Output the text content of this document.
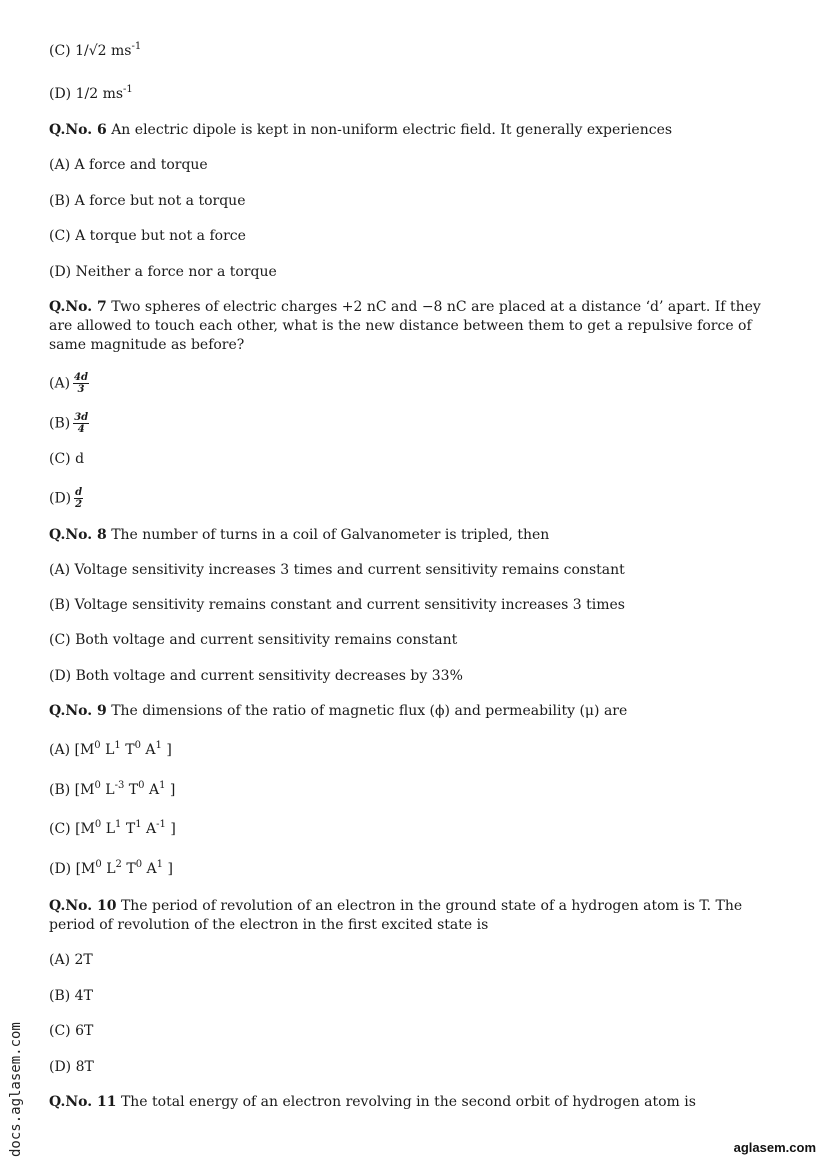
(C) 1/√2 $ms^{-1}$

(D) 1/2 $ms^{-1}$

Q.No. 6 An electric dipole is kept in non-uniform electric field. It generally experiences

(A) A force and torque

(B) A force but not a torque

(C) A torque but not a force

(D) Neither a force nor a torque

Q.No. 7 Two spheres of electric charges +2 nC and −8 nC are placed at a distance ‘d’ apart. If they are allowed to touch each other, what is the new distance between them to get a repulsive force of same magnitude as before?

$(A) \frac{4d}{3}$

$(B) \frac{3d}{4}$

(C) d

$(D) \frac{d}{2}$

Q.No. 8 The number of turns in a coil of Galvanometer is tripled, then

(A) Voltage sensitivity increases 3 times and current sensitivity remains constant

(B) Voltage sensitivity remains constant and current sensitivity increases 3 times

(C) Both voltage and current sensitivity remains constant

(D) Both voltage and current sensitivity decreases by 33%

Q.No. 9 The dimensions of the ratio of magnetic flux (ϕ) and permeability (μ) are

(A) [$M^0$ $L^1$ $T^0$ $A^1$ ]

(B) [$M^0$ $L^{-3}$ $T^0$ $A^1$ ]

(C) [$M^0$ $L^1$ $T^1$ $A^{-1}$ ]

(D) [$M^0$ $L^2$ $T^0$ $A^1$ ]

Q.No. 10 The period of revolution of an electron in the ground state of a hydrogen atom is T. The period of revolution of the electron in the first excited state is

(A) 2T

(B) 4T

(C) 6T

(D) 8T

Q.No. 11 The total energy of an electron revolving in the second orbit of hydrogen atom is

docs.aglasem.com	aglasem.com
